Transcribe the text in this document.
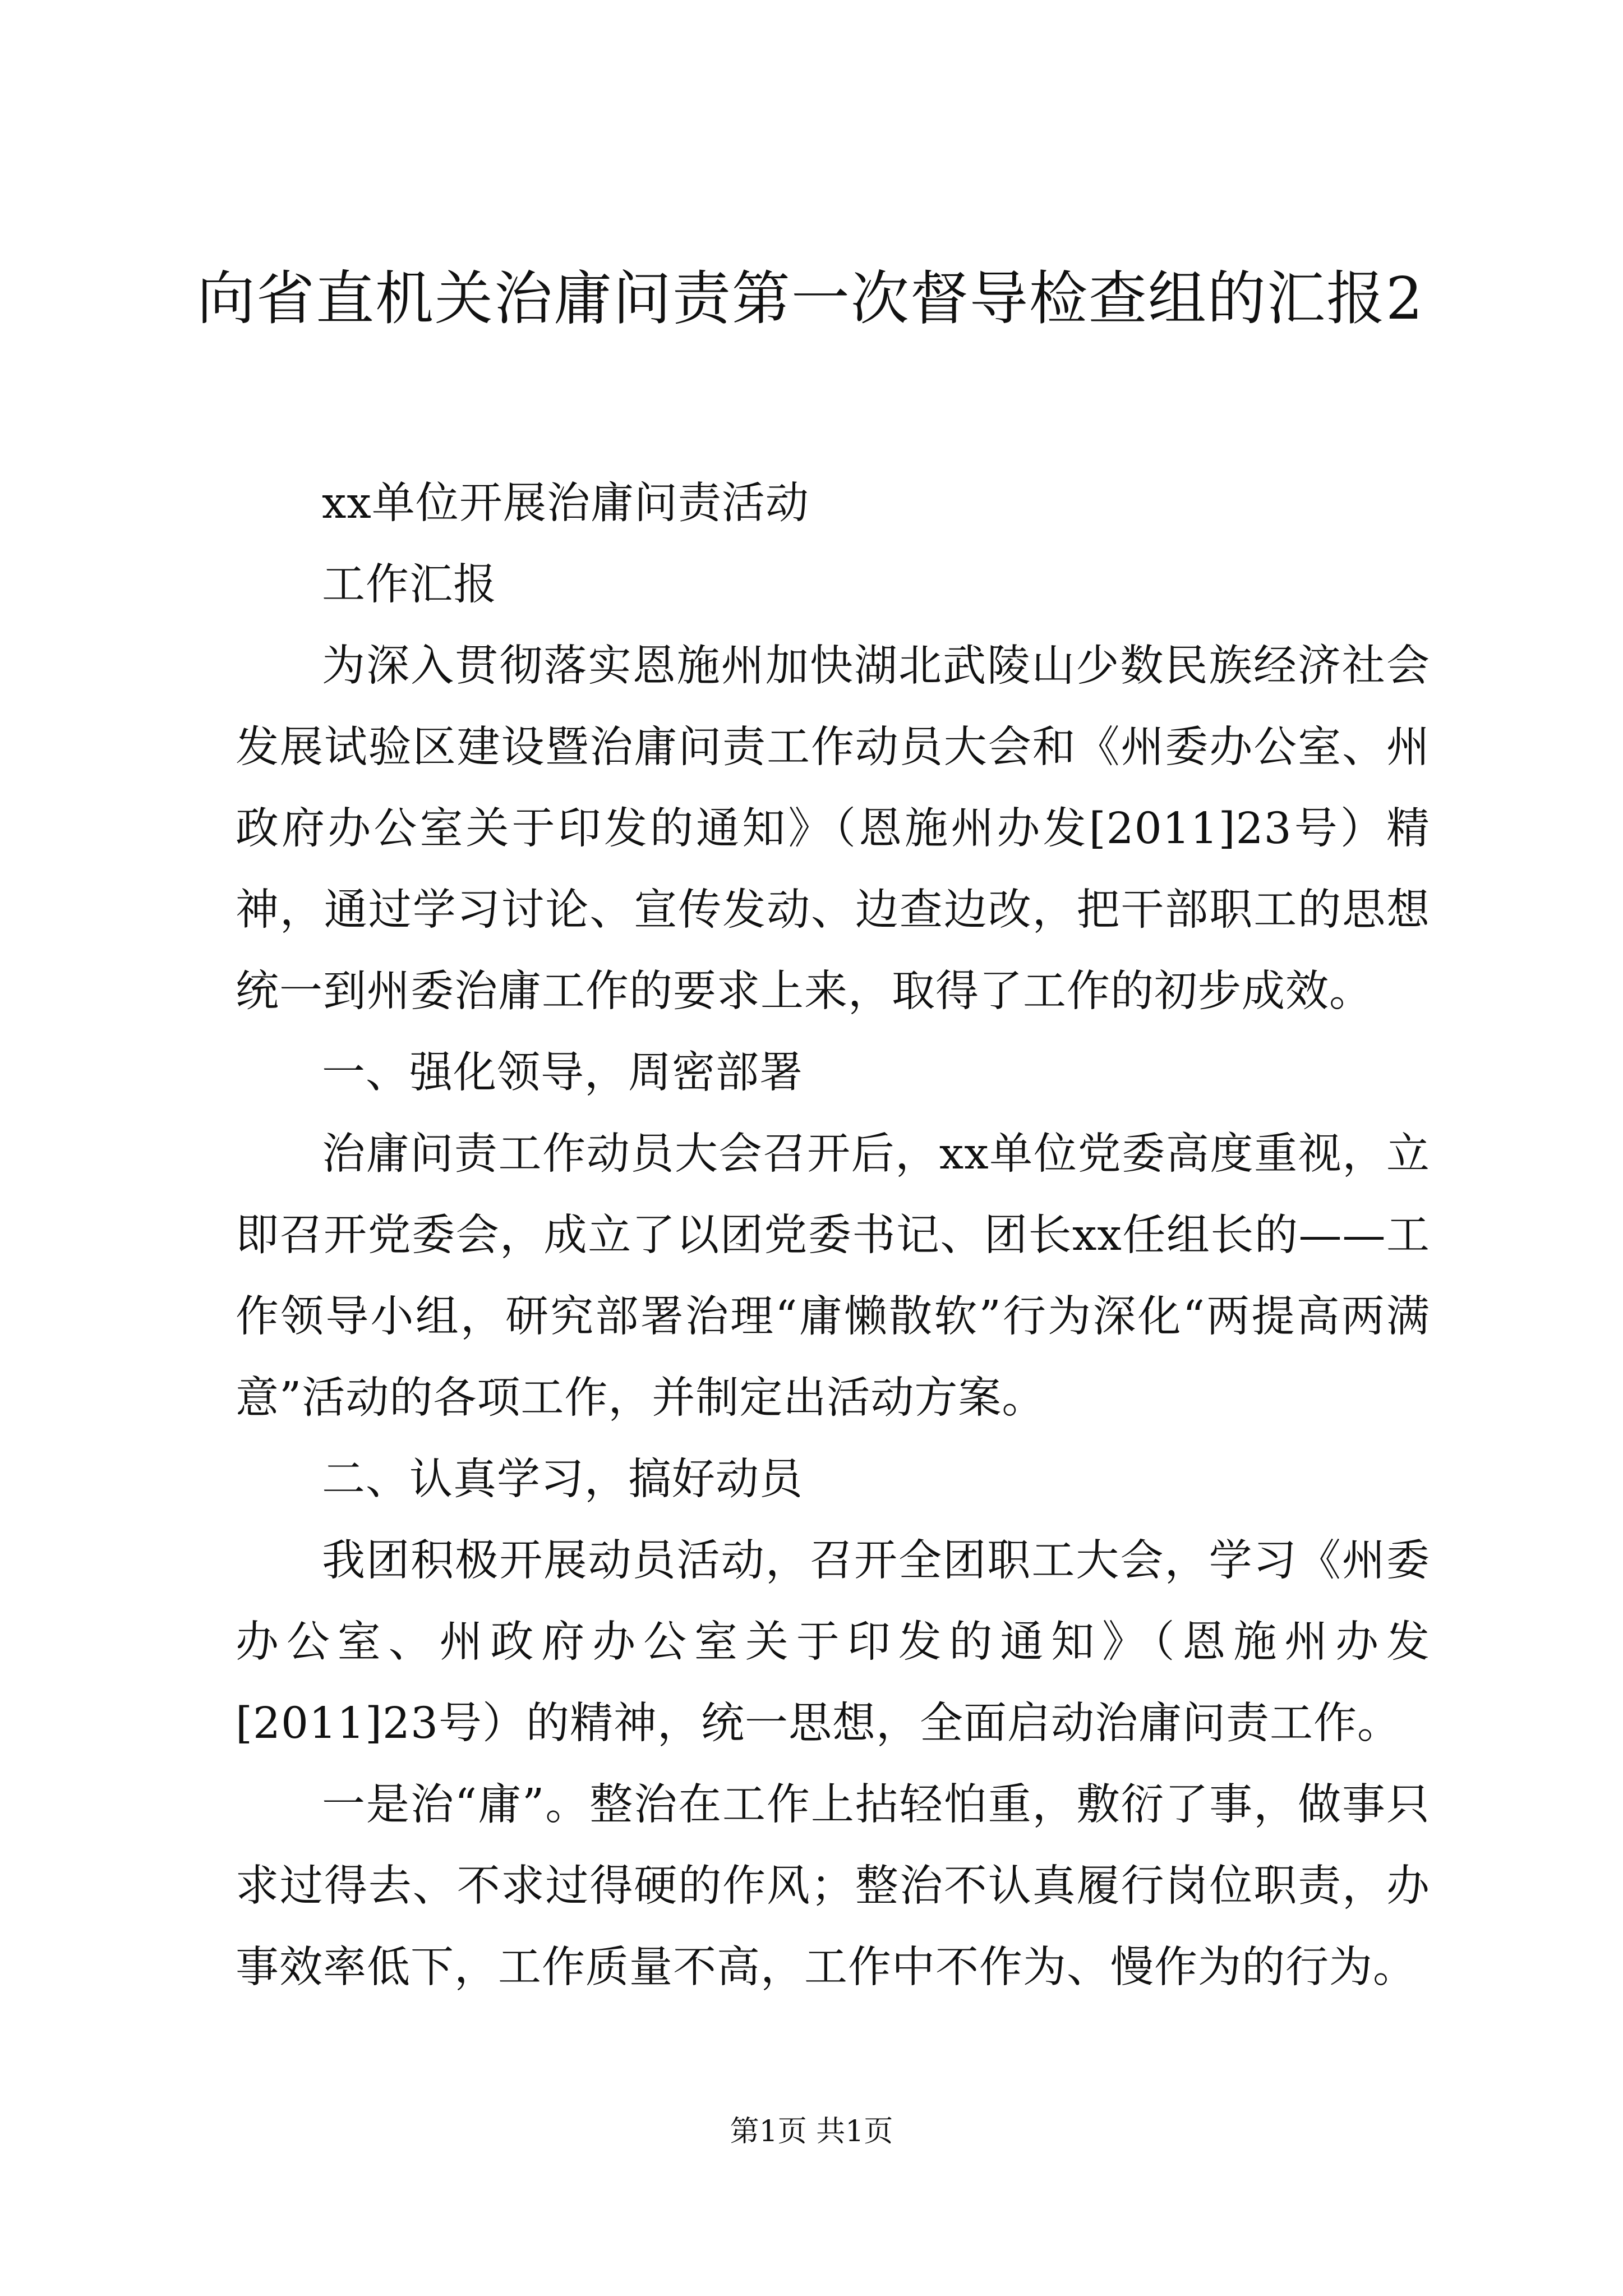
向省直机关治庸问责第一次督导检查组的汇报2

xx单位开展治庸问责活动

工作汇报

为深入贯彻落实恩施州加快湖北武陵山少数民族经济社会发展试验区建设暨治庸问责工作动员大会和《州委办公室、州政府办公室关于印发的通知》（恩施州办发[2011]23号）精神，通过学习讨论、宣传发动、边查边改，把干部职工的思想统一到州委治庸工作的要求上来，取得了工作的初步成效。

一、强化领导，周密部署

治庸问责工作动员大会召开后，xx单位党委高度重视，立即召开党委会，成立了以团党委书记、团长xx任组长的——工作领导小组，研究部署治理“庸懒散软”行为深化“两提高两满意”活动的各项工作，并制定出活动方案。

二、认真学习，搞好动员

我团积极开展动员活动，召开全团职工大会，学习《州委办公室、州政府办公室关于印发的通知》（恩施州办发[2011]23号）的精神，统一思想，全面启动治庸问责工作。

一是治“庸”。整治在工作上拈轻怕重，敷衍了事，做事只求过得去、不求过得硬的作风；整治不认真履行岗位职责，办事效率低下，工作质量不高，工作中不作为、慢作为的行为。

第1页 共1页
